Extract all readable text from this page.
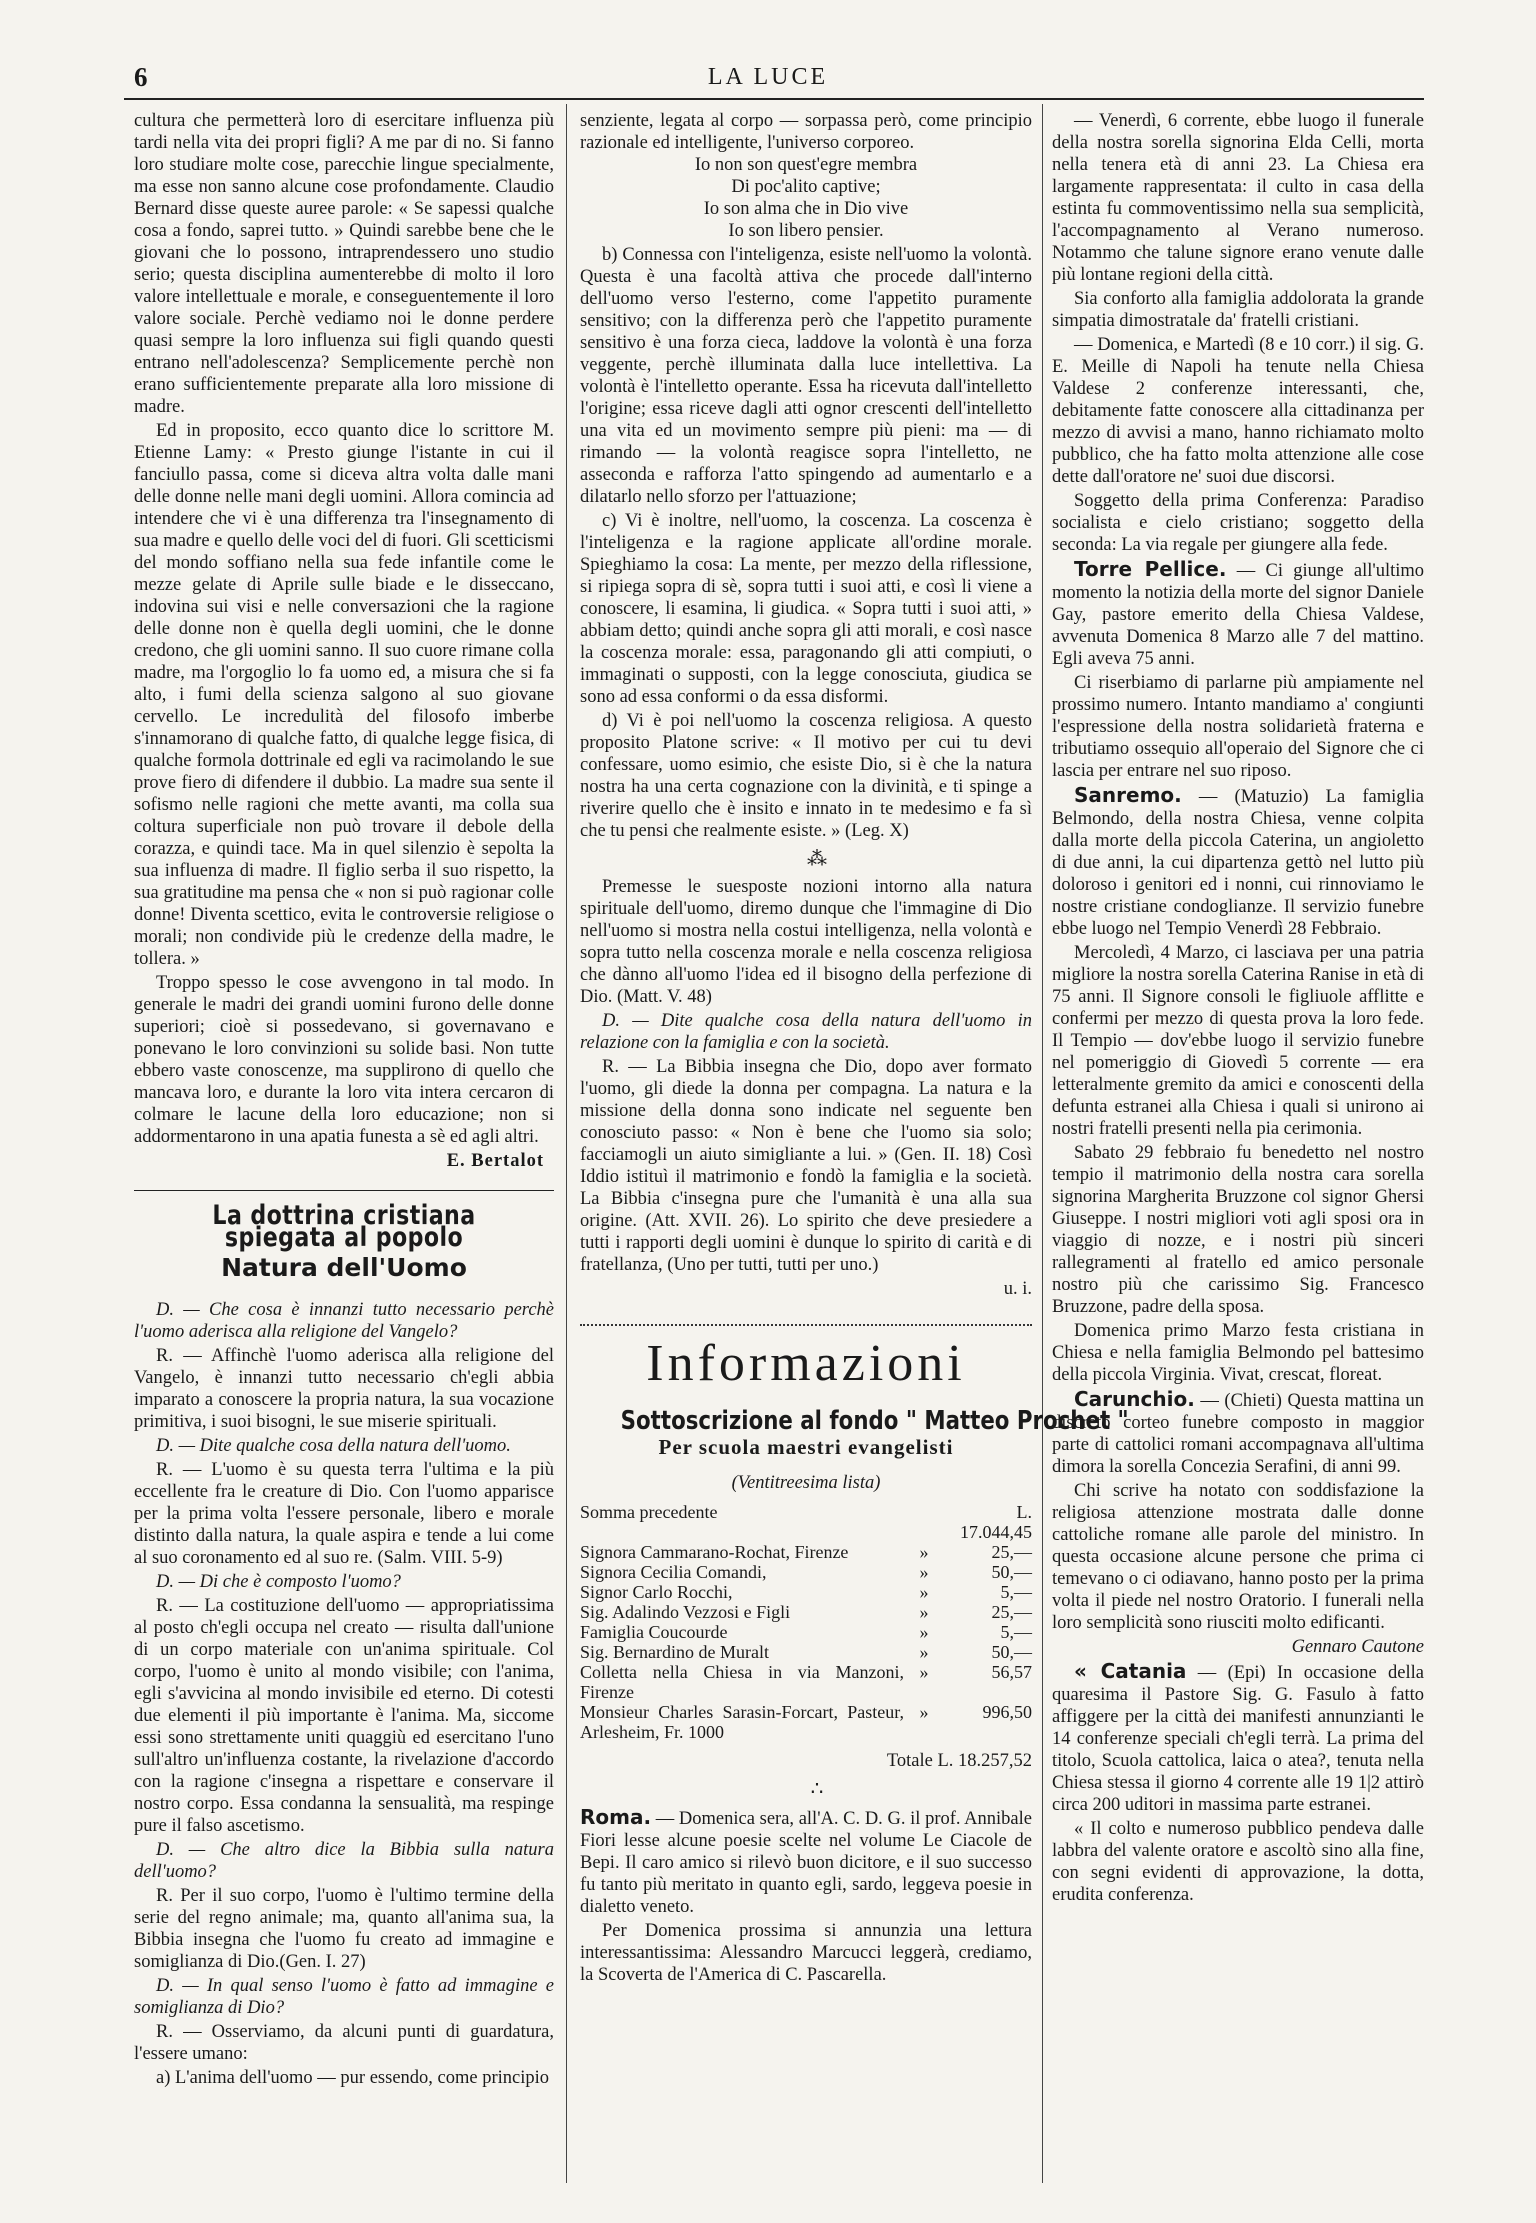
6	LA LUCE

cultura che permetterà loro di esercitare influenza più tardi nella vita dei propri figli? A me par di no. Si fanno loro studiare molte cose, parecchie lingue specialmente, ma esse non sanno alcune cose profondamente. Claudio Bernard disse queste auree parole: « Se sapessi qualche cosa a fondo, saprei tutto. » Quindi sarebbe bene che le giovani che lo possono, intraprendessero uno studio serio; questa disciplina aumenterebbe di molto il loro valore intellettuale e morale, e conseguentemente il loro valore sociale. Perchè vediamo noi le donne perdere quasi sempre la loro influenza sui figli quando questi entrano nell'adolescenza? Semplicemente perchè non erano sufficientemente preparate alla loro missione di madre.

Ed in proposito, ecco quanto dice lo scrittore M. Etienne Lamy: « Presto giunge l'istante in cui il fanciullo passa, come si diceva altra volta dalle mani delle donne nelle mani degli uomini. Allora comincia ad intendere che vi è una differenza tra l'insegnamento di sua madre e quello delle voci del di fuori. Gli scetticismi del mondo soffiano nella sua fede infantile come le mezze gelate di Aprile sulle biade e le disseccano, indovina sui visi e nelle conversazioni che la ragione delle donne non è quella degli uomini, che le donne credono, che gli uomini sanno. Il suo cuore rimane colla madre, ma l'orgoglio lo fa uomo ed, a misura che si fa alto, i fumi della scienza salgono al suo giovane cervello. Le incredulità del filosofo imberbe s'innamorano di qualche fatto, di qualche legge fisica, di qualche formola dottrinale ed egli va racimolando le sue prove fiero di difendere il dubbio. La madre sua sente il sofismo nelle ragioni che mette avanti, ma colla sua coltura superficiale non può trovare il debole della corazza, e quindi tace. Ma in quel silenzio è sepolta la sua influenza di madre. Il figlio serba il suo rispetto, la sua gratitudine ma pensa che « non si può ragionar colle donne! Diventa scettico, evita le controversie religiose o morali; non condivide più le credenze della madre, le tollera. »

Troppo spesso le cose avvengono in tal modo. In generale le madri dei grandi uomini furono delle donne superiori; cioè si possedevano, si governavano e ponevano le loro convinzioni su solide basi. Non tutte ebbero vaste conoscenze, ma supplirono di quello che mancava loro, e durante la loro vita intera cercaron di colmare le lacune della loro educazione; non si addormentarono in una apatia funesta a sè ed agli altri.

E. Bertalot

La dottrina cristiana spiegata al popolo
Natura dell'Uomo

D. — Che cosa è innanzi tutto necessario perchè l'uomo aderisca alla religione del Vangelo?

R. — Affinchè l'uomo aderisca alla religione del Vangelo, è innanzi tutto necessario ch'egli abbia imparato a conoscere la propria natura, la sua vocazione primitiva, i suoi bisogni, le sue miserie spirituali.

D. — Dite qualche cosa della natura dell'uomo.

R. — L'uomo è su questa terra l'ultima e la più eccellente fra le creature di Dio. Con l'uomo apparisce per la prima volta l'essere personale, libero e morale distinto dalla natura, la quale aspira e tende a lui come al suo coronamento ed al suo re. (Salm. VIII. 5-9)

D. — Di che è composto l'uomo?

R. — La costituzione dell'uomo — appropriatissima al posto ch'egli occupa nel creato — risulta dall'unione di un corpo materiale con un'anima spirituale. Col corpo, l'uomo è unito al mondo visibile; con l'anima, egli s'avvicina al mondo invisibile ed eterno. Di cotesti due elementi il più importante è l'anima. Ma, siccome essi sono strettamente uniti quaggiù ed esercitano l'uno sull'altro un'influenza costante, la rivelazione d'accordo con la ragione c'insegna a rispettare e conservare il nostro corpo. Essa condanna la sensualità, ma respinge pure il falso ascetismo.

D. — Che altro dice la Bibbia sulla natura dell'uomo?

R. Per il suo corpo, l'uomo è l'ultimo termine della serie del regno animale; ma, quanto all'anima sua, la Bibbia insegna che l'uomo fu creato ad immagine e somiglianza di Dio.(Gen. I. 27)

D. — In qual senso l'uomo è fatto ad immagine e somiglianza di Dio?

R. — Osserviamo, da alcuni punti di guardatura, l'essere umano:

a) L'anima dell'uomo — pur essendo, come principio

senziente, legata al corpo — sorpassa però, come principio razionale ed intelligente, l'universo corporeo.

Io non son quest'egre membra

Di poc'alito captive;

Io son alma che in Dio vive

Io son libero pensier.

b) Connessa con l'inteligenza, esiste nell'uomo la volontà. Questa è una facoltà attiva che procede dall'interno dell'uomo verso l'esterno, come l'appetito puramente sensitivo; con la differenza però che l'appetito puramente sensitivo è una forza cieca, laddove la volontà è una forza veggente, perchè illuminata dalla luce intellettiva. La volontà è l'intelletto operante. Essa ha ricevuta dall'intelletto l'origine; essa riceve dagli atti ognor crescenti dell'intelletto una vita ed un movimento sempre più pieni: ma — di rimando — la volontà reagisce sopra l'intelletto, ne asseconda e rafforza l'atto spingendo ad aumentarlo e a dilatarlo nello sforzo per l'attuazione;

c) Vi è inoltre, nell'uomo, la coscenza. La coscenza è l'inteligenza e la ragione applicate all'ordine morale. Spieghiamo la cosa: La mente, per mezzo della riflessione, si ripiega sopra di sè, sopra tutti i suoi atti, e così li viene a conoscere, li esamina, li giudica. « Sopra tutti i suoi atti, » abbiam detto; quindi anche sopra gli atti morali, e così nasce la coscenza morale: essa, paragonando gli atti compiuti, o immaginati o supposti, con la legge conosciuta, giudica se sono ad essa conformi o da essa disformi.

d) Vi è poi nell'uomo la coscenza religiosa. A questo proposito Platone scrive: « Il motivo per cui tu devi confessare, uomo esimio, che esiste Dio, si è che la natura nostra ha una certa cognazione con la divinità, e ti spinge a riverire quello che è insito e innato in te medesimo e fa sì che tu pensi che realmente esiste. » (Leg. X)

⁂

Premesse le suesposte nozioni intorno alla natura spirituale dell'uomo, diremo dunque che l'immagine di Dio nell'uomo si mostra nella costui intelligenza, nella volontà e sopra tutto nella coscenza morale e nella coscenza religiosa che dànno all'uomo l'idea ed il bisogno della perfezione di Dio. (Matt. V. 48)

D. — Dite qualche cosa della natura dell'uomo in relazione con la famiglia e con la società.

R. — La Bibbia insegna che Dio, dopo aver formato l'uomo, gli diede la donna per compagna. La natura e la missione della donna sono indicate nel seguente ben conosciuto passo: « Non è bene che l'uomo sia solo; facciamogli un aiuto simigliante a lui. » (Gen. II. 18) Così Iddio istituì il matrimonio e fondò la famiglia e la società. La Bibbia c'insegna pure che l'umanità è una alla sua origine. (Att. XVII. 26). Lo spirito che deve presiedere a tutti i rapporti degli uomini è dunque lo spirito di carità e di fratellanza, (Uno per tutti, tutti per uno.)

u. i.

Informazioni
Sottoscrizione al fondo " Matteo Prochet "
Per scuola maestri evangelisti
(Ventitreesima lista)
Somma precedente		L. 17.044,45
Signora Cammarano-Rochat, Firenze	»	25,—
Signora Cecilia Comandi,	»	50,—
Signor Carlo Rocchi,	»	5,—
Sig. Adalindo Vezzosi e Figli	»	25,—
Famiglia Coucourde	»	5,—
Sig. Bernardino de Muralt	»	50,—
Colletta nella Chiesa in via Manzoni, Firenze	»	56,57
Monsieur Charles Sarasin-Forcart, Pasteur, Arlesheim, Fr. 1000	»	996,50

Totale L. 18.257,52

∴

Roma. — Domenica sera, all'A. C. D. G. il prof. Annibale Fiori lesse alcune poesie scelte nel volume Le Ciacole de Bepi. Il caro amico si rilevò buon dicitore, e il suo successo fu tanto più meritato in quanto egli, sardo, leggeva poesie in dialetto veneto.

Per Domenica prossima si annunzia una lettura interessantissima: Alessandro Marcucci leggerà, crediamo, la Scoverta de l'America di C. Pascarella.

— Venerdì, 6 corrente, ebbe luogo il funerale della nostra sorella signorina Elda Celli, morta nella tenera età di anni 23. La Chiesa era largamente rappresentata: il culto in casa della estinta fu commoventissimo nella sua semplicità, l'accompagnamento al Verano numeroso. Notammo che talune signore erano venute dalle più lontane regioni della città.

Sia conforto alla famiglia addolorata la grande simpatia dimostratale da' fratelli cristiani.

— Domenica, e Martedì (8 e 10 corr.) il sig. G. E. Meille di Napoli ha tenute nella Chiesa Valdese 2 conferenze interessanti, che, debitamente fatte conoscere alla cittadinanza per mezzo di avvisi a mano, hanno richiamato molto pubblico, che ha fatto molta attenzione alle cose dette dall'oratore ne' suoi due discorsi.

Soggetto della prima Conferenza: Paradiso socialista e cielo cristiano; soggetto della seconda: La via regale per giungere alla fede.

Torre Pellice. — Ci giunge all'ultimo momento la notizia della morte del signor Daniele Gay, pastore emerito della Chiesa Valdese, avvenuta Domenica 8 Marzo alle 7 del mattino. Egli aveva 75 anni.

Ci riserbiamo di parlarne più ampiamente nel prossimo numero. Intanto mandiamo a' congiunti l'espressione della nostra solidarietà fraterna e tributiamo ossequio all'operaio del Signore che ci lascia per entrare nel suo riposo.

Sanremo. — (Matuzio) La famiglia Belmondo, della nostra Chiesa, venne colpita dalla morte della piccola Caterina, un angioletto di due anni, la cui dipartenza gettò nel lutto più doloroso i genitori ed i nonni, cui rinnoviamo le nostre cristiane condoglianze. Il servizio funebre ebbe luogo nel Tempio Venerdì 28 Febbraio.

Mercoledì, 4 Marzo, ci lasciava per una patria migliore la nostra sorella Caterina Ranise in età di 75 anni. Il Signore consoli le figliuole afflitte e confermi per mezzo di questa prova la loro fede. Il Tempio — dov'ebbe luogo il servizio funebre nel pomeriggio di Giovedì 5 corrente — era letteralmente gremito da amici e conoscenti della defunta estranei alla Chiesa i quali si unirono ai nostri fratelli presenti nella pia cerimonia.

Sabato 29 febbraio fu benedetto nel nostro tempio il matrimonio della nostra cara sorella signorina Margherita Bruzzone col signor Ghersi Giuseppe. I nostri migliori voti agli sposi ora in viaggio di nozze, e i nostri più sinceri rallegramenti al fratello ed amico personale nostro più che carissimo Sig. Francesco Bruzzone, padre della sposa.

Domenica primo Marzo festa cristiana in Chiesa e nella famiglia Belmondo pel battesimo della piccola Virginia. Vivat, crescat, floreat.

Carunchio. — (Chieti) Questa mattina un discreto corteo funebre composto in maggior parte di cattolici romani accompagnava all'ultima dimora la sorella Concezia Serafini, di anni 99.

Chi scrive ha notato con soddisfazione la religiosa attenzione mostrata dalle donne cattoliche romane alle parole del ministro. In questa occasione alcune persone che prima ci temevano o ci odiavano, hanno posto per la prima volta il piede nel nostro Oratorio. I funerali nella loro semplicità sono riusciti molto edificanti.

Gennaro Cautone

« Catania — (Epi) In occasione della quaresima il Pastore Sig. G. Fasulo à fatto affiggere per la città dei manifesti annunzianti le 14 conferenze speciali ch'egli terrà. La prima del titolo, Scuola cattolica, laica o atea?, tenuta nella Chiesa stessa il giorno 4 corrente alle 19 1|2 attirò circa 200 uditori in massima parte estranei.

« Il colto e numeroso pubblico pendeva dalle labbra del valente oratore e ascoltò sino alla fine, con segni evidenti di approvazione, la dotta, erudita conferenza.
